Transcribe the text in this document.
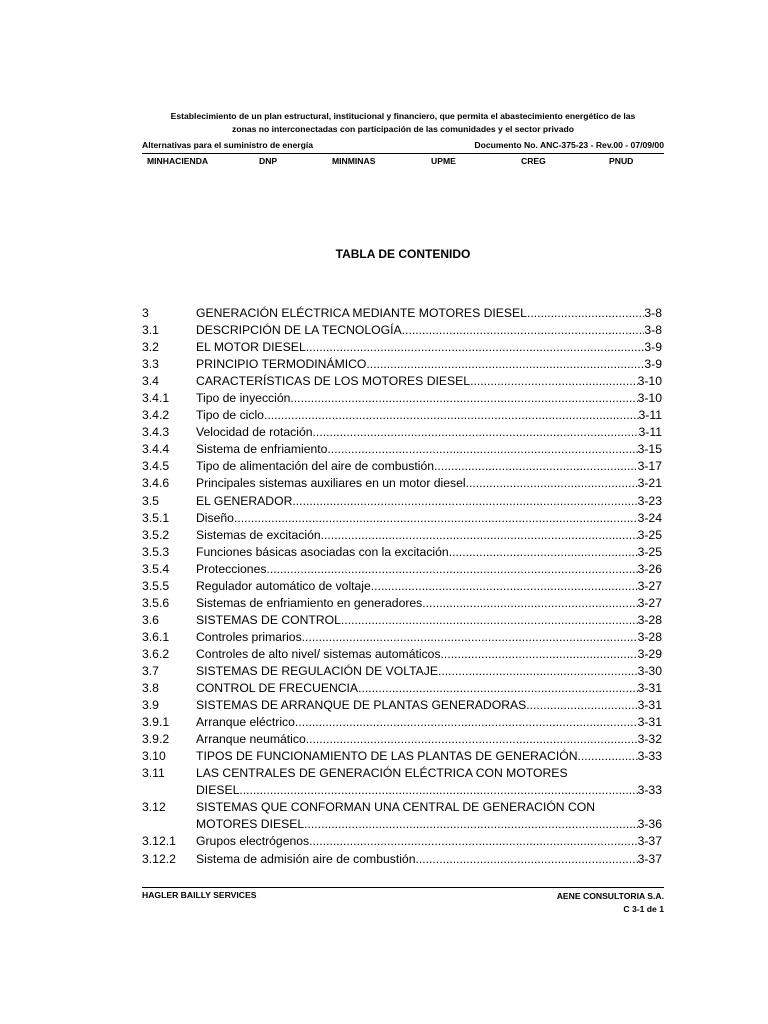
Establecimiento de un plan estructural, institucional y financiero, que permita el abastecimiento energético de las
zonas no interconectadas con participación de las comunidades y el sector privado
Alternativas para el suministro de energía	Documento No. ANC-375-23 - Rev.00 - 07/09/00
MINHACIENDA	DNP	MINMINAS	UPME	CREG	PNUD
TABLA DE CONTENIDO
3	GENERACIÓN ELÉCTRICA MEDIANTE MOTORES DIESEL .....	3-8
3.1	DESCRIPCIÓN DE LA TECNOLOGÍA .....	3-8
3.2	EL MOTOR DIESEL .....	3-9
3.3	PRINCIPIO TERMODINÁMICO .....	3-9
3.4	CARACTERÍSTICAS DE LOS MOTORES DIESEL .....	3-10
3.4.1 Tipo de inyección .....	3-10
3.4.2 Tipo de ciclo .....	3-11
3.4.3 Velocidad de rotación .....	3-11
3.4.4 Sistema de enfriamiento .....	3-15
3.4.5 Tipo de alimentación del aire de combustión .....	3-17
3.4.6 Principales sistemas auxiliares en un motor diesel .....	3-21
3.5	EL GENERADOR .....	3-23
3.5.1 Diseño .....	3-24
3.5.2 Sistemas de excitación .....	3-25
3.5.3 Funciones básicas asociadas con la excitación .....	3-25
3.5.4 Protecciones .....	3-26
3.5.5 Regulador automático de voltaje .....	3-27
3.5.6 Sistemas de enfriamiento en generadores .....	3-27
3.6	SISTEMAS DE CONTROL .....	3-28
3.6.1 Controles primarios .....	3-28
3.6.2 Controles de alto nivel/ sistemas automáticos .....	3-29
3.7	SISTEMAS DE REGULACIÓN DE VOLTAJE .....	3-30
3.8	CONTROL DE FRECUENCIA .....	3-31
3.9	SISTEMAS DE ARRANQUE DE PLANTAS GENERADORAS .....	3-31
3.9.1 Arranque eléctrico. .....	3-31
3.9.2 Arranque neumático. .....	3-32
3.10 TIPOS DE FUNCIONAMIENTO DE LAS PLANTAS DE GENERACIÓN .....	3-33
3.11	LAS CENTRALES DE GENERACIÓN ELÉCTRICA CON MOTORES
DIESEL .....	3-33
3.12 SISTEMAS QUE CONFORMAN UNA CENTRAL DE GENERACIÓN CON
MOTORES DIESEL .....	3-36
3.12.1 Grupos electrógenos .....	3-37
3.12.2 Sistema de admisión aire de combustión. .....	3-37
HAGLER BAILLY SERVICES	AENE CONSULTORIA S.A.
C 3-1 de 1
